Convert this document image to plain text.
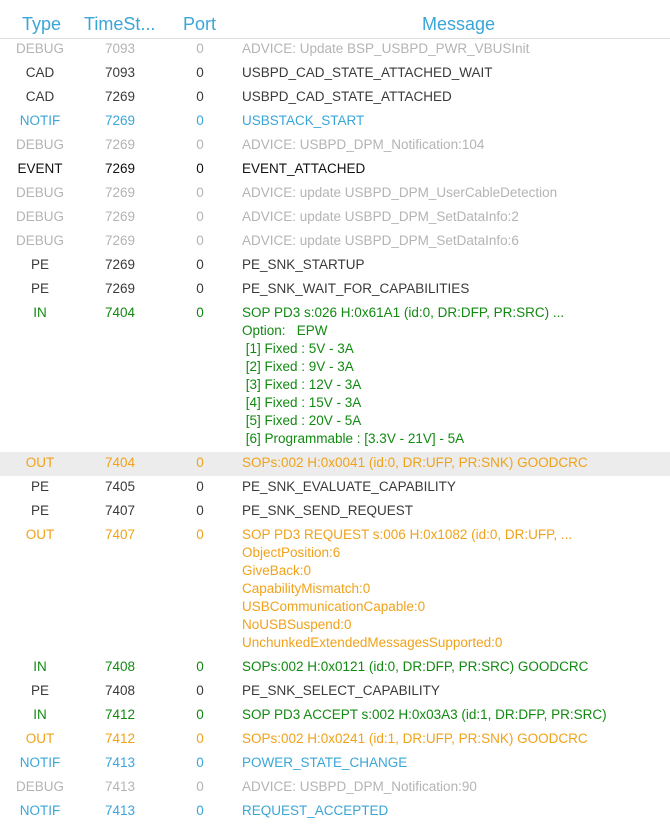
Type TimeSt... Port	Message
DEBUG	7093	0	ADVICE: Update BSP_USBPD_PWR_VBUSInit
CAD	7093	0	USBPD_CAD_STATE_ATTACHED_WAIT
CAD	7269	0	USBPD_CAD_STATE_ATTACHED
NOTIF	7269	0	USBSTACK_START
DEBUG	7269	0	ADVICE: USBPD_DPM_Notification:104
EVENT	7269	0	EVENT_ATTACHED
DEBUG	7269	0	ADVICE: update USBPD_DPM_UserCableDetection
DEBUG	7269	0	ADVICE: update USBPD_DPM_SetDataInfo:2
DEBUG	7269	0	ADVICE: update USBPD_DPM_SetDataInfo:6
PE	7269	0	PE_SNK_STARTUP
PE	7269	0	PE_SNK_WAIT_FOR_CAPABILITIES
IN	7404	0	SOP PD3 s:026 H:0x61A1 (id:0, DR:DFP, PR:SRC) ...
Option:   EPW
[1] Fixed : 5V - 3A
[2] Fixed : 9V - 3A
[3] Fixed : 12V - 3A
[4] Fixed : 15V - 3A
[5] Fixed : 20V - 5A
[6] Programmable : [3.3V - 21V] - 5A
OUT	7404	0	SOPs:002 H:0x0041 (id:0, DR:UFP, PR:SNK) GOODCRC
PE	7405	0	PE_SNK_EVALUATE_CAPABILITY
PE	7407	0	PE_SNK_SEND_REQUEST
OUT	7407	0	SOP PD3 REQUEST s:006 H:0x1082 (id:0, DR:UFP, ...
ObjectPosition:6
GiveBack:0
CapabilityMismatch:0
USBCommunicationCapable:0
NoUSBSuspend:0
UnchunkedExtendedMessagesSupported:0
IN	7408	0	SOPs:002 H:0x0121 (id:0, DR:DFP, PR:SRC) GOODCRC
PE	7408	0	PE_SNK_SELECT_CAPABILITY
IN	7412	0	SOP PD3 ACCEPT s:002 H:0x03A3 (id:1, DR:DFP, PR:SRC)
OUT	7412	0	SOPs:002 H:0x0241 (id:1, DR:UFP, PR:SNK) GOODCRC
NOTIF	7413	0	POWER_STATE_CHANGE
DEBUG	7413	0	ADVICE: USBPD_DPM_Notification:90
NOTIF	7413	0	REQUEST_ACCEPTED
